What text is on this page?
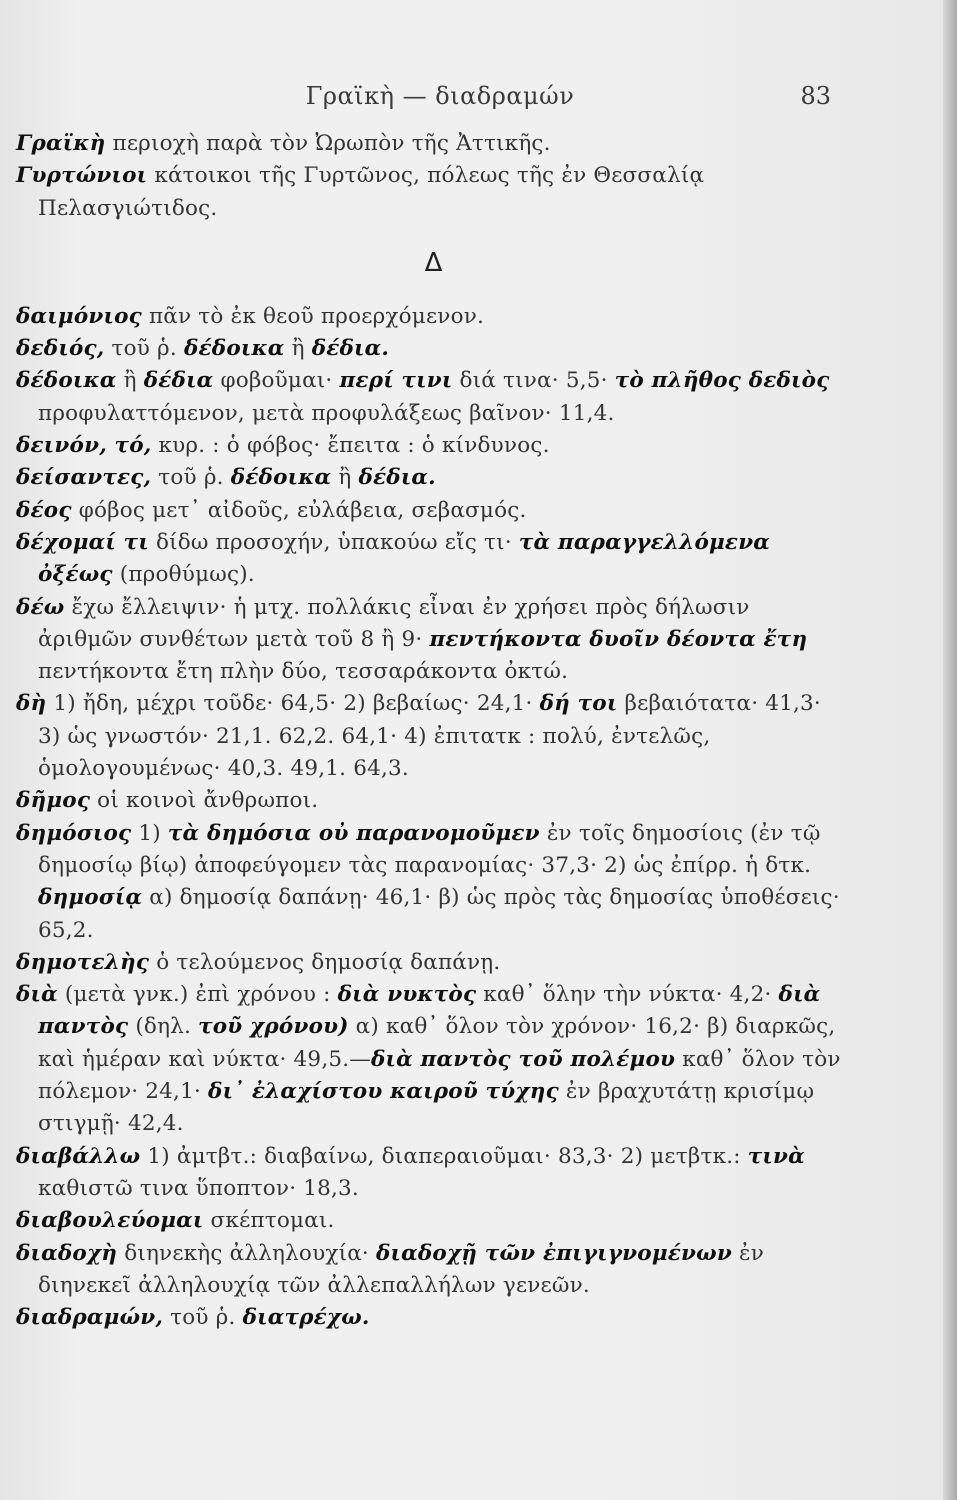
Γραϊκὴ — διαδραμών	83
Γραϊκὴ περιοχὴ παρὰ τὸν Ὠρωπὸν τῆς Ἀττικῆς.
Γυρτώνιοι κάτοικοι τῆς Γυρτῶνος, πόλεως τῆς ἐν Θεσσαλίᾳ Πελασγιώτιδος.
Δ
δαιμόνιος πᾶν τὸ ἐκ θεοῦ προερχόμενον.
δεδιός, τοῦ ῥ. δέδοικα ἢ δέδια.
δέδοικα ἢ δέδια φοβοῦμαι· περί τινι διά τινα· 5,5· τὸ πλῆθος δεδιὸς προφυλαττόμενον, μετὰ προφυλάξεως βαῖνον· 11,4.
δεινόν, τό, κυρ. : ὁ φόβος· ἔπειτα : ὁ κίνδυνος.
δείσαντες, τοῦ ῥ. δέδοικα ἢ δέδια.
δέος φόβος μετ᾽ αἰδοῦς, εὐλάβεια, σεβασμός.
δέχομαί τι δίδω προσοχήν, ὑπακούω εἴς τι· τὰ παραγγελλόμενα ὀξέως (προθύμως).
δέω ἔχω ἔλλειψιν· ἡ μτχ. πολλάκις εἶναι ἐν χρήσει πρὸς δήλωσιν ἀριθμῶν συνθέτων μετὰ τοῦ 8 ἢ 9· πεντήκοντα δυοῖν δέοντα ἔτη πεντήκοντα ἔτη πλὴν δύο, τεσσαράκοντα ὀκτώ.
δὴ 1) ἤδη, μέχρι τοῦδε· 64,5· 2) βεβαίως· 24,1· δή τοι βεβαιότατα· 41,3· 3) ὡς γνωστόν· 21,1. 62,2. 64,1· 4) ἐπιτατκ : πολύ, ἐντελῶς, ὁμολογουμένως· 40,3. 49,1. 64,3.
δῆμος οἱ κοινοὶ ἄνθρωποι.
δημόσιος 1) τὰ δημόσια οὐ παρανομοῦμεν ἐν τοῖς δημοσίοις (ἐν τῷ δημοσίῳ βίῳ) ἀποφεύγομεν τὰς παρανομίας· 37,3· 2) ὡς ἐπίρρ. ἡ δτκ. δημοσίᾳ α) δημοσίᾳ δαπάνῃ· 46,1· β) ὡς πρὸς τὰς δημοσίας ὑποθέσεις· 65,2.
δημοτελὴς ὁ τελούμενος δημοσίᾳ δαπάνῃ.
διὰ (μετὰ γνκ.) ἐπὶ χρόνου : διὰ νυκτὸς καθ᾽ ὅλην τὴν νύκτα· 4,2· διὰ παντὸς (δηλ. τοῦ χρόνου) α) καθ᾽ ὅλον τὸν χρόνον· 16,2· β) διαρκῶς, καὶ ἡμέραν καὶ νύκτα· 49,5.—διὰ παντὸς τοῦ πολέμου καθ᾽ ὅλον τὸν πόλεμον· 24,1· δι᾽ ἐλαχίστου καιροῦ τύχης ἐν βραχυτάτῃ κρισίμῳ στιγμῇ· 42,4.
διαβάλλω 1) ἀμτβτ.: διαβαίνω, διαπεραιοῦμαι· 83,3· 2) μετβτκ.: τινὰ καθιστῶ τινα ὕποπτον· 18,3.
διαβουλεύομαι σκέπτομαι.
διαδοχὴ διηνεκὴς ἀλληλουχία· διαδοχῇ τῶν ἐπιγιγνομένων ἐν διηνεκεῖ ἀλληλουχίᾳ τῶν ἀλλεπαλλήλων γενεῶν.
διαδραμών, τοῦ ῥ. διατρέχω.
